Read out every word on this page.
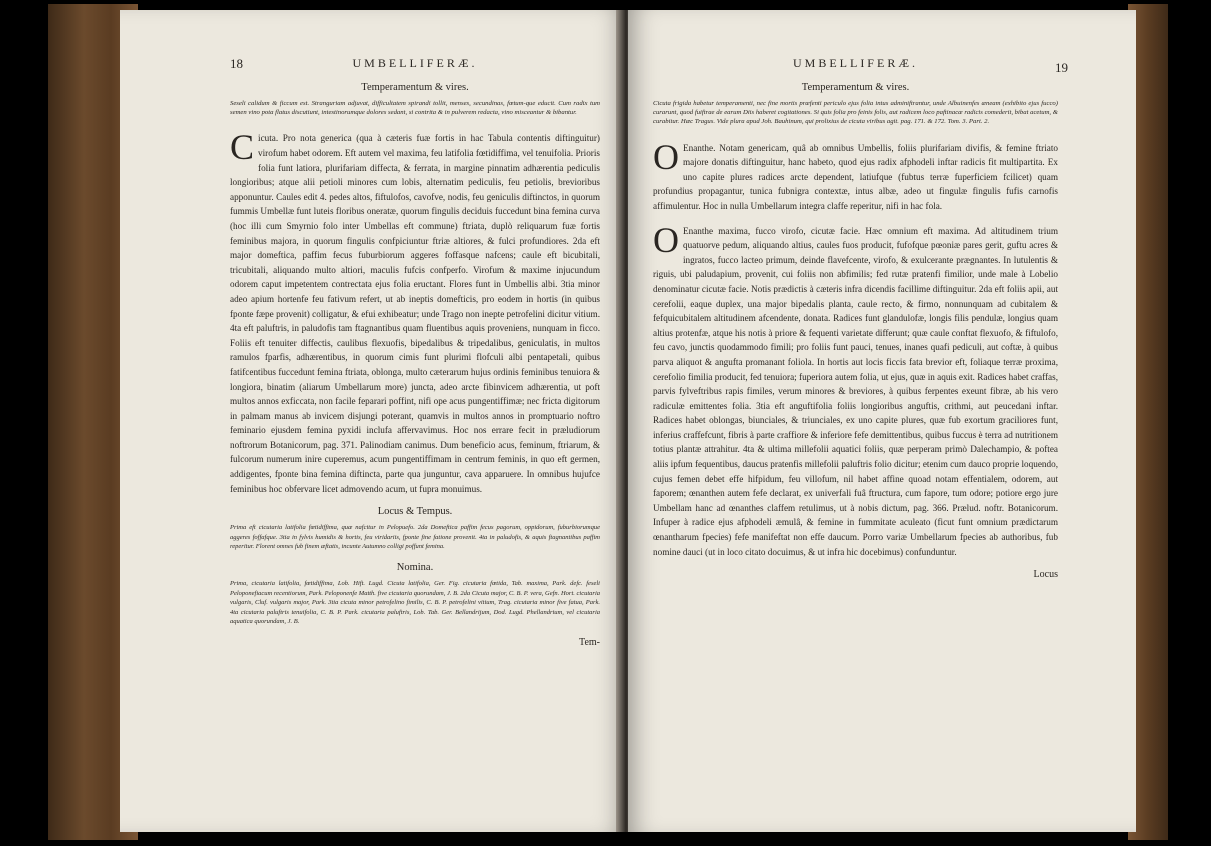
18	UMBELLIFERÆ.
Temperamentum & vires.

Seseli calidum & ficcum est. Stranguriam adjuvat, difficultatem spirandi tollit, menses, secundinas, fœtum-que educit. Cum radix tum semen vino pota flatus discutiunt, intestinorumque dolores sedant, si contrita & in pulverem redacta, vino misceantur & bibantur.

Cicuta. Pro nota generica (qua à cæteris fuæ fortis in hac Tabula contentis diftinguitur) virofum habet odorem. Eft autem vel maxima, feu latifolia fœtidiffima, vel tenuifolia. Prioris folia funt latiora, plurifariam diffecta, & ferrata, in margine pinnatim adhærentia pediculis longioribus; atque alii petioli minores cum lobis, alternatim pediculis, feu petiolis, brevioribus apponuntur. Caules edit 4. pedes altos, fiftulofos, cavofve, nodis, feu geniculis diftinctos, in quorum fummis Umbellæ funt luteis floribus oneratæ, quorum fingulis deciduis fuccedunt bina femina curva (hoc illi cum Smyrnio folo inter Umbellas eft commune) ftriata, duplò reliquarum fuæ fortis feminibus majora, in quorum fingulis confpiciuntur ftriæ altiores, & fulci profundiores. 2da eft major domeftica, paffim fecus fuburbiorum aggeres foffasque nafcens; caule eft bicubitali, tricubitali, aliquando multo altiori, maculis fufcis confperfo. Virofum & maxime injucundum odorem caput impetentem contrectata ejus folia eructant. Flores funt in Umbellis albi. 3tia minor adeo apium hortenfe feu fativum refert, ut ab ineptis domefticis, pro eodem in hortis (in quibus fponte fæpe provenit) colligatur, & efui exhibeatur; unde Trago non inepte petrofelini dicitur vitium. 4ta eft paluftris, in paludofis tam ftagnantibus quam fluentibus aquis proveniens, nunquam in ficco. Foliis eft tenuiter diffectis, caulibus flexuofis, bipedalibus & tripedalibus, geniculatis, in multos ramulos fparfis, adhærentibus, in quorum cimis funt plurimi flofculi albi pentapetali, quibus fatifcentibus fuccedunt femina ftriata, oblonga, multo cæterarum hujus ordinis feminibus tenuiora & longiora, binatim (aliarum Umbellarum more) juncta, adeo arcte fibinvicem adhærentia, ut poft multos annos exficcata, non facile feparari poffint, nifi ope acus pungentiffimæ; nec fricta digitorum in palmam manus ab invicem disjungi poterant, quamvis in multos annos in promptuario noftro feminario ejusdem femina pyxidi inclufa affervavimus. Hoc nos errare fecit in præludiorum noftrorum Botanicorum, pag. 371. Palinodiam canimus. Dum beneficio acus, feminum, ftriarum, & fulcorum numerum inire cuperemus, acum pungentiffimam in centrum feminis, in quo eft germen, addigentes, fponte bina femina diftincta, parte qua junguntur, cava apparuere. In omnibus hujufce feminibus hoc obfervare licet admovendo acum, ut fupra monuimus.

Locus & Tempus.

Prima eft cicutaria latifolia fœtidiffima, quæ nafcitur in Pelopuefo. 2da Domeftica paffim fecus pagorum, oppidorum, fuburbiorumque aggeres foffafque. 3tia in fylvis humidis & hortis, feu viridariis, fponte fine fatione provenit. 4ta in paludofis, & aquis ftagnantibus paffim reperitur. Florent omnes fub finem æftatis, incunte Autumno colligi poffunt femina.

Nomina.

Prima, cicutaria latifolia, fœtidiffima, Lob. Hift. Lugd. Cicuta latifolia, Ger. Fig. cicutaria fœtida, Tab. maxima, Park. defc. feseli Peloponefiacum recentiorum, Park. Peloponenfe Matth. five cicutaria quorundam, J. B. 2da Cicuta major, C. B. P. vera, Gefn. Hort. cicutaria vulgaris, Cluf. vulgaris major, Park. 3tia cicuta minor petrofelino fimilis, C. B. P. petrofelini vitium, Trag. cicutaria minor five fatua, Park. 4ta cicutaria paluftris tenuifolia, C. B. P. Park. cicutaria paluftris, Lob. Tab. Ger. Bellandrijum, Dod. Lugd. Phellandrium, vel cicutaria aquatica quorundam, J. B.

Tem-
UMBELLIFERÆ.	19
Temperamentum & vires.

Cicuta frigida habetur temperamenti, nec fine mortis præfenti periculo ejus folia intus adminiftrantur, unde Albuinenfes æneam (exhibito ejus fucco) curarunt, quod fuiftrae de earum Diis haberet cogitationes. Si quis folia pro feinis folis, aut radicem loco paftinacæ radicis comederit, bibat acetum, & curabitur. Hæc Tragus. Vide plura apud Joh. Bauhinum, qui prolixius de cicuta viribus agit. pag. 171. & 172. Tom. 3. Part. 2.

O Enanthe. Notam genericam, quâ ab omnibus Umbellis, foliis plurifariam divifis, & femine ftriato majore donatis diftinguitur, hanc habeto, quod ejus radix afphodeli inftar radicis fit multipartita. Ex uno capite plures radices arcte dependent, latiufque (fubtus terræ fuperficiem fcilicet) quam profundius propagantur, tunica fubnigra contextæ, intus albæ, adeo ut fingulæ fingulis fufis carnofis affimulentur. Hoc in nulla Umbellarum integra claffe reperitur, nifi in hac fola.

O Enanthe maxima, fucco virofo, cicutæ facie. Hæc omnium eft maxima. Ad altitudinem trium quatuorve pedum, aliquando altius, caules fuos producit, fufofque pœoniæ pares gerit, guftu acres & ingratos, fucco lacteo primum, deinde flavefcente, virofo, & exulcerante prægnantes. In lutulentis & riguis, ubi paludapium, provenit, cui foliis non abfimilis; fed rutæ pratenfi fimilior, unde male à Lobelio denominatur cicutæ facie. Notis prædictis à cæteris infra dicendis facillime diftinguitur. 2da eft foliis apii, aut cerefolii, eaque duplex, una major bipedalis planta, caule recto, & firmo, nonnunquam ad cubitalem & fefquicubitalem altitudinem afcendente, donata. Radices funt glandulofæ, longis filis pendulæ, longius quam altius protenfæ, atque his notis à priore & fequenti varietate differunt; quæ caule conftat flexuofo, & fiftulofo, feu cavo, junctis quodammodo fimili; pro foliis funt pauci, tenues, inanes quafi pediculi, aut coftæ, à quibus parva aliquot & angufta promanant foliola. In hortis aut locis ficcis fata brevior eft, foliaque terræ proxima, cerefolio fimilia producit, fed tenuiora; fuperiora autem folia, ut ejus, quæ in aquis exit. Radices habet craffas, parvis fylveftribus rapis fimiles, verum minores & breviores, à quibus ferpentes exeunt fibræ, ab his vero radiculæ emittentes folia. 3tia eft anguftifolia foliis longioribus anguftis, crithmi, aut peucedani inftar. Radices habet oblongas, biunciales, & triunciales, ex uno capite plures, quæ fub exortum graciliores funt, inferius craffefcunt, fibris à parte craffiore & inferiore fefe demittentibus, quibus fuccus è terra ad nutritionem totius plantæ attrahitur. 4ta & ultima millefolii aquatici foliis, quæ perperam primò Dalechampio, & poftea aliis ipfum fequentibus, daucus pratenfis millefolii paluftris folio dicitur; etenim cum dauco proprie loquendo, cujus femen debet effe hifpidum, feu villofum, nil habet affine quoad notam effentialem, odorem, aut faporem; œnanthen autem fefe declarat, ex univerfali fuâ ftructura, cum fapore, tum odore; potiore ergo jure Umbellam hanc ad œnanthes claffem retulimus, ut à nobis dictum, pag. 366. Prælud. noftr. Botanicorum. Infuper à radice ejus afphodeli æmulâ, & femine in fummitate aculeato (ficut funt omnium prædictarum œnantharum fpecies) fefe manifeftat non effe daucum. Porro variæ Umbellarum fpecies ab authoribus, fub nomine dauci (ut in loco citato docuimus, & ut infra hic docebimus) confunduntur.

Locus
